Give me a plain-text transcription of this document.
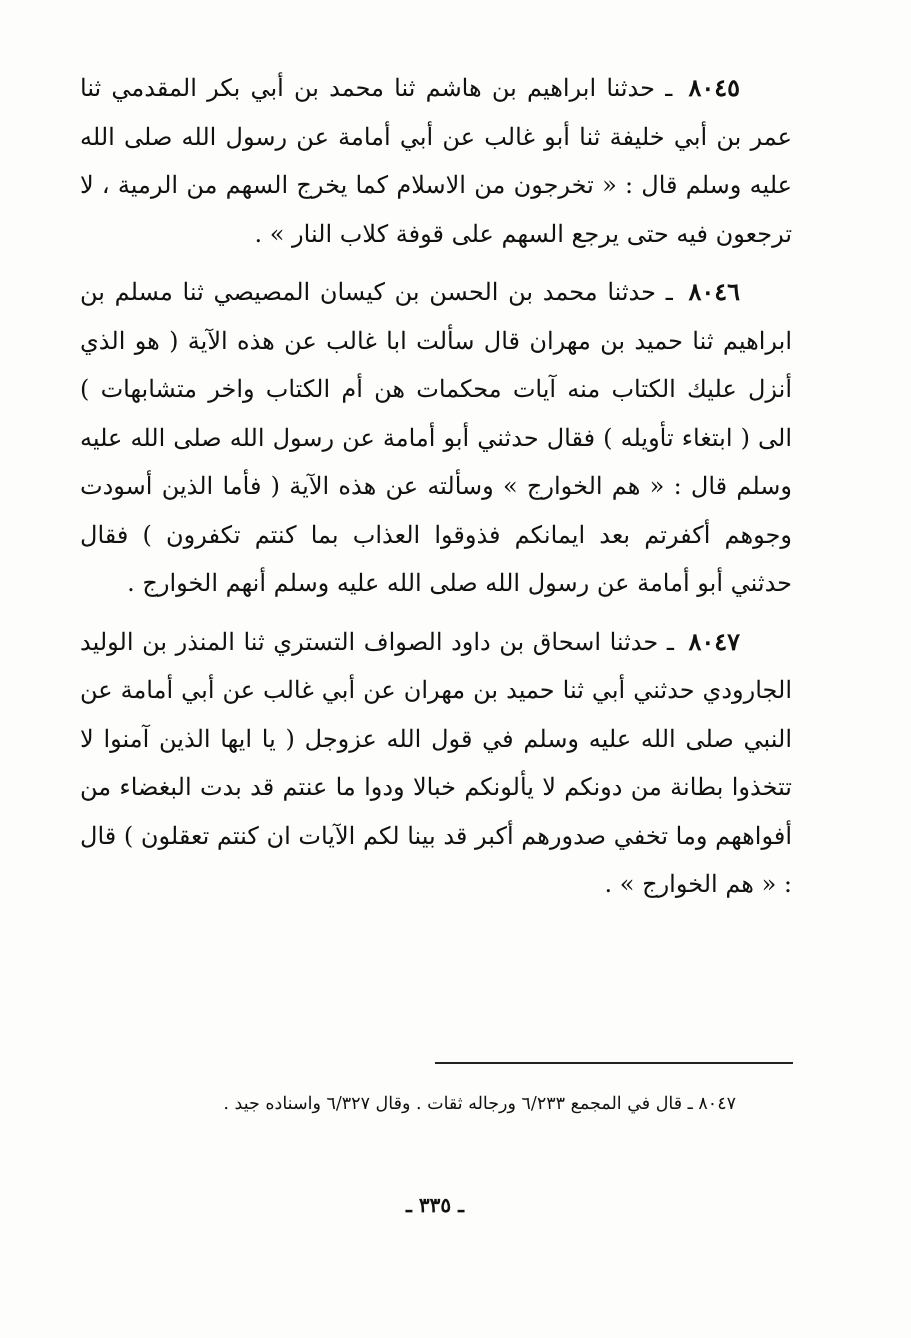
٨٠٤٥ ـ حدثنا ابراهيم بن هاشم ثنا محمد بن أبي بكر المقدمي ثنا عمر بن أبي خليفة ثنا أبو غالب عن أبي أمامة عن رسول الله صلى الله عليه وسلم قال : « تخرجون من الاسلام كما يخرج السهم من الرمية ، لا ترجعون فيه حتى يرجع السهم على قوفة كلاب النار » .

٨٠٤٦ ـ حدثنا محمد بن الحسن بن كيسان المصيصي ثنا مسلم بن ابراهيم ثنا حميد بن مهران قال سألت ابا غالب عن هذه الآية ( هو الذي أنزل عليك الكتاب منه آيات محكمات هن أم الكتاب واخر متشابهات ) الى ( ابتغاء تأويله ) فقال حدثني أبو أمامة عن رسول الله صلى الله عليه وسلم قال : « هم الخوارج » وسألته عن هذه الآية ( فأما الذين أسودت وجوهم أكفرتم بعد ايمانكم فذوقوا العذاب بما كنتم تكفرون ) فقال حدثني أبو أمامة عن رسول الله صلى الله عليه وسلم أنهم الخوارج .

٨٠٤٧ ـ حدثنا اسحاق بن داود الصواف التستري ثنا المنذر بن الوليد الجارودي حدثني أبي ثنا حميد بن مهران عن أبي غالب عن أبي أمامة عن النبي صلى الله عليه وسلم في قول الله عزوجل ( يا ايها الذين آمنوا لا تتخذوا بطانة من دونكم لا يألونكم خبالا ودوا ما عنتم قد بدت البغضاء من أفواههم وما تخفي صدورهم أكبر قد بينا لكم الآيات ان كنتم تعقلون ) قال : « هم الخوارج » .

٨٠٤٧ ـ قال في المجمع ٦/٢٣٣ ورجاله ثقات . وقال ٦/٣٢٧ واسناده جيد .
ـ ٣٣٥ ـ
